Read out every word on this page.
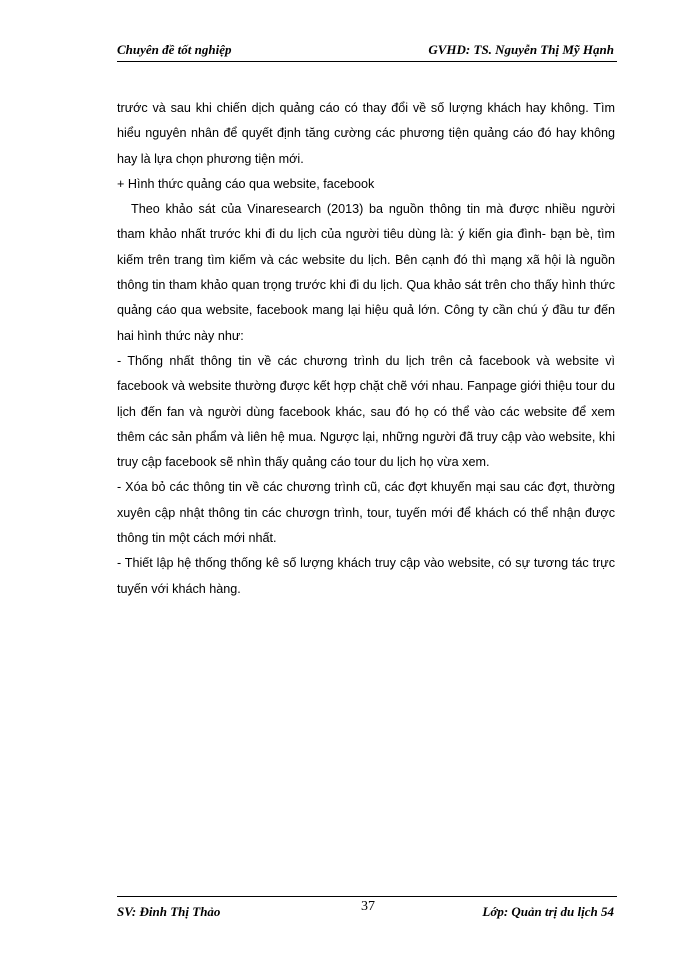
Chuyên đề tốt nghiệp	GVHD: TS. Nguyễn Thị Mỹ Hạnh

trước và sau khi chiến dịch quảng cáo có thay đổi về số lượng khách hay không. Tìm hiểu nguyên nhân để quyết định tăng cường các phương tiện quảng cáo đó hay không hay là lựa chọn phương tiện mới.

+ Hình thức quảng cáo qua website, facebook

Theo khảo sát của Vinaresearch (2013) ba nguồn thông tin mà được nhiều người tham khảo nhất trước khi đi du lịch của người tiêu dùng là: ý kiến gia đình- bạn bè, tìm kiếm trên trang tìm kiếm và các website du lịch. Bên cạnh đó thì mạng xã hội là nguồn thông tin tham khảo quan trọng trước khi đi du lịch. Qua khảo sát trên cho thấy hình thức quảng cáo qua website, facebook mang lại hiệu quả lớn. Công ty cần chú ý đầu tư đến hai hình thức này như:

- Thống nhất thông tin về các chương trình du lịch trên cả facebook và website vì facebook và website thường được kết hợp chặt chẽ với nhau. Fanpage giới thiệu tour du lịch đến fan và người dùng facebook khác, sau đó họ có thể vào các website để xem thêm các sản phẩm và liên hệ mua. Ngược lại, những người đã truy cập vào website, khi truy cập facebook sẽ nhìn thấy quảng cáo tour du lịch họ vừa xem.

- Xóa bỏ các thông tin về các chương trình cũ, các đợt khuyến mại sau các đợt, thường xuyên cập nhật thông tin các chươgn trình, tour, tuyến mới để khách có thể nhận được thông tin một cách mới nhất.

- Thiết lập hệ thống thống kê số lượng khách truy cập vào website, có sự tương tác trực tuyến với khách hàng.

SV: Đinh Thị Thảo	37	Lớp: Quản trị du lịch 54
